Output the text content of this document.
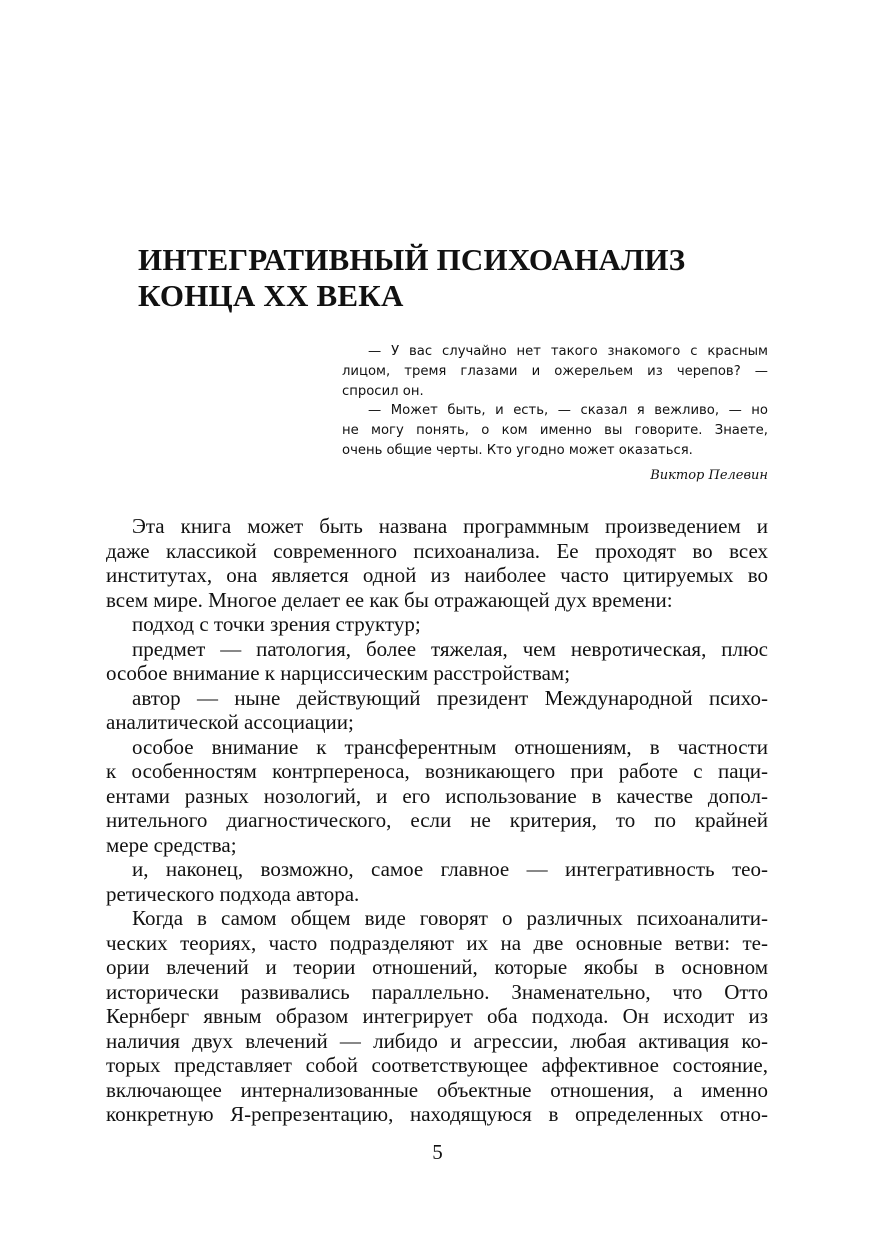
ИНТЕГРАТИВНЫЙ ПСИХОАНАЛИЗ
КОНЦА XX ВЕКА
— У вас случайно нет такого знакомого с красным
лицом, тремя глазами и ожерельем из черепов? —
спросил он.
— Может быть, и есть, — сказал я вежливо, — но
не могу понять, о ком именно вы говорите. Знаете,
очень общие черты. Кто угодно может оказаться.
Виктор Пелевин
Эта книга может быть названа программным произведением и
даже классикой современного психоанализа. Ее проходят во всех
институтах, она является одной из наиболее часто цитируемых во
всем мире. Многое делает ее как бы отражающей дух времени:
подход с точки зрения структур;
предмет — патология, более тяжелая, чем невротическая, плюс
особое внимание к нарциссическим расстройствам;
автор — ныне действующий президент Международной психо-
аналитической ассоциации;
особое внимание к трансферентным отношениям, в частности
к особенностям контрпереноса, возникающего при работе с паци-
ентами разных нозологий, и его использование в качестве допол-
нительного диагностического, если не критерия, то по крайней
мере средства;
и, наконец, возможно, самое главное — интегративность тео-
ретического подхода автора.
Когда в самом общем виде говорят о различных психоаналити-
ческих теориях, часто подразделяют их на две основные ветви: те-
ории влечений и теории отношений, которые якобы в основном
исторически развивались параллельно. Знаменательно, что Отто
Кернберг явным образом интегрирует оба подхода. Он исходит из
наличия двух влечений — либидо и агрессии, любая активация ко-
торых представляет собой соответствующее аффективное состояние,
включающее интернализованные объектные отношения, а именно
конкретную Я-репрезентацию, находящуюся в определенных отно-
5
